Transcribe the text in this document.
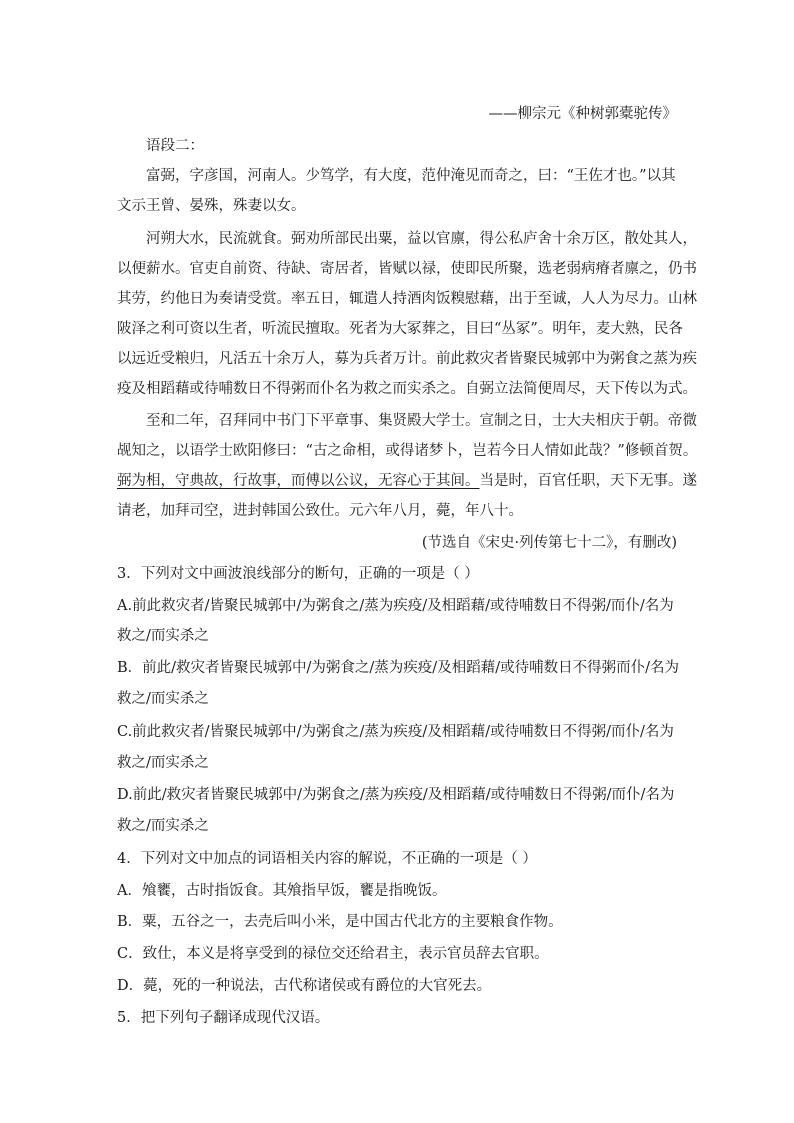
——柳宗元《种树郭橐驼传》
语段二：
富弼，字彦国，河南人。少笃学，有大度，范仲淹见而奇之，曰：“王佐才也。”以其
文示王曾、晏殊，殊妻以女。
河朔大水，民流就食。弼劝所部民出粟，益以官廪，得公私庐舍十余万区，散处其人，
以便薪水。官吏自前资、待缺、寄居者，皆赋以禄，使即民所聚，选老弱病瘠者廪之，仍书
其劳，约他日为奏请受赏。率五日，辄遣人持酒肉饭糗慰藉，出于至诚，人人为尽力。山林
陂泽之利可资以生者，听流民擅取。死者为大冢葬之，目曰“丛冢”。明年，麦大熟，民各
以远近受粮归，凡活五十余万人，募为兵者万计。前此救灾者皆聚民城郭中为粥食之蒸为疾
疫及相蹈藉或待哺数日不得粥而仆名为救之而实杀之。自弼立法简便周尽，天下传以为式。
至和二年，召拜同中书门下平章事、集贤殿大学士。宣制之日，士大夫相庆于朝。帝微
觇知之，以语学士欧阳修曰：“古之命相，或得诸梦卜，岂若今日人情如此哉？”修顿首贺。
弼为相，守典故，行故事，而傅以公议，无容心于其间。当是时，百官任职，天下无事。遂
请老，加拜司空，进封韩国公致仕。元六年八月，薨，年八十。
(节选自《宋史·列传第七十二》，有删改)
3．下列对文中画波浪线部分的断句，正确的一项是（ ）
A.前此救灾者/皆聚民城郭中/为粥食之/蒸为疾疫/及相蹈藉/或待哺数日不得粥/而仆/名为
救之/而实杀之
B．前此/救灾者皆聚民城郭中/为粥食之/蒸为疾疫/及相蹈藉/或待哺数日不得粥而仆/名为
救之/而实杀之
C.前此救灾者/皆聚民城郭中/为粥食之/蒸为疾疫/及相蹈藉/或待哺数日不得粥/而仆/名为
救之/而实杀之
D.前此/救灾者皆聚民城郭中/为粥食之/蒸为疾疫/及相蹈藉/或待哺数日不得粥/而仆/名为
救之/而实杀之
4．下列对文中加点的词语相关内容的解说，不正确的一项是（ ）
A．飧饔，古时指饭食。其飧指早饭，饔是指晚饭。
B．粟，五谷之一，去壳后叫小米，是中国古代北方的主要粮食作物。
C．致仕，本义是将享受到的禄位交还给君主，表示官员辞去官职。
D．薨，死的一种说法，古代称诸侯或有爵位的大官死去。
5．把下列句子翻译成现代汉语。
